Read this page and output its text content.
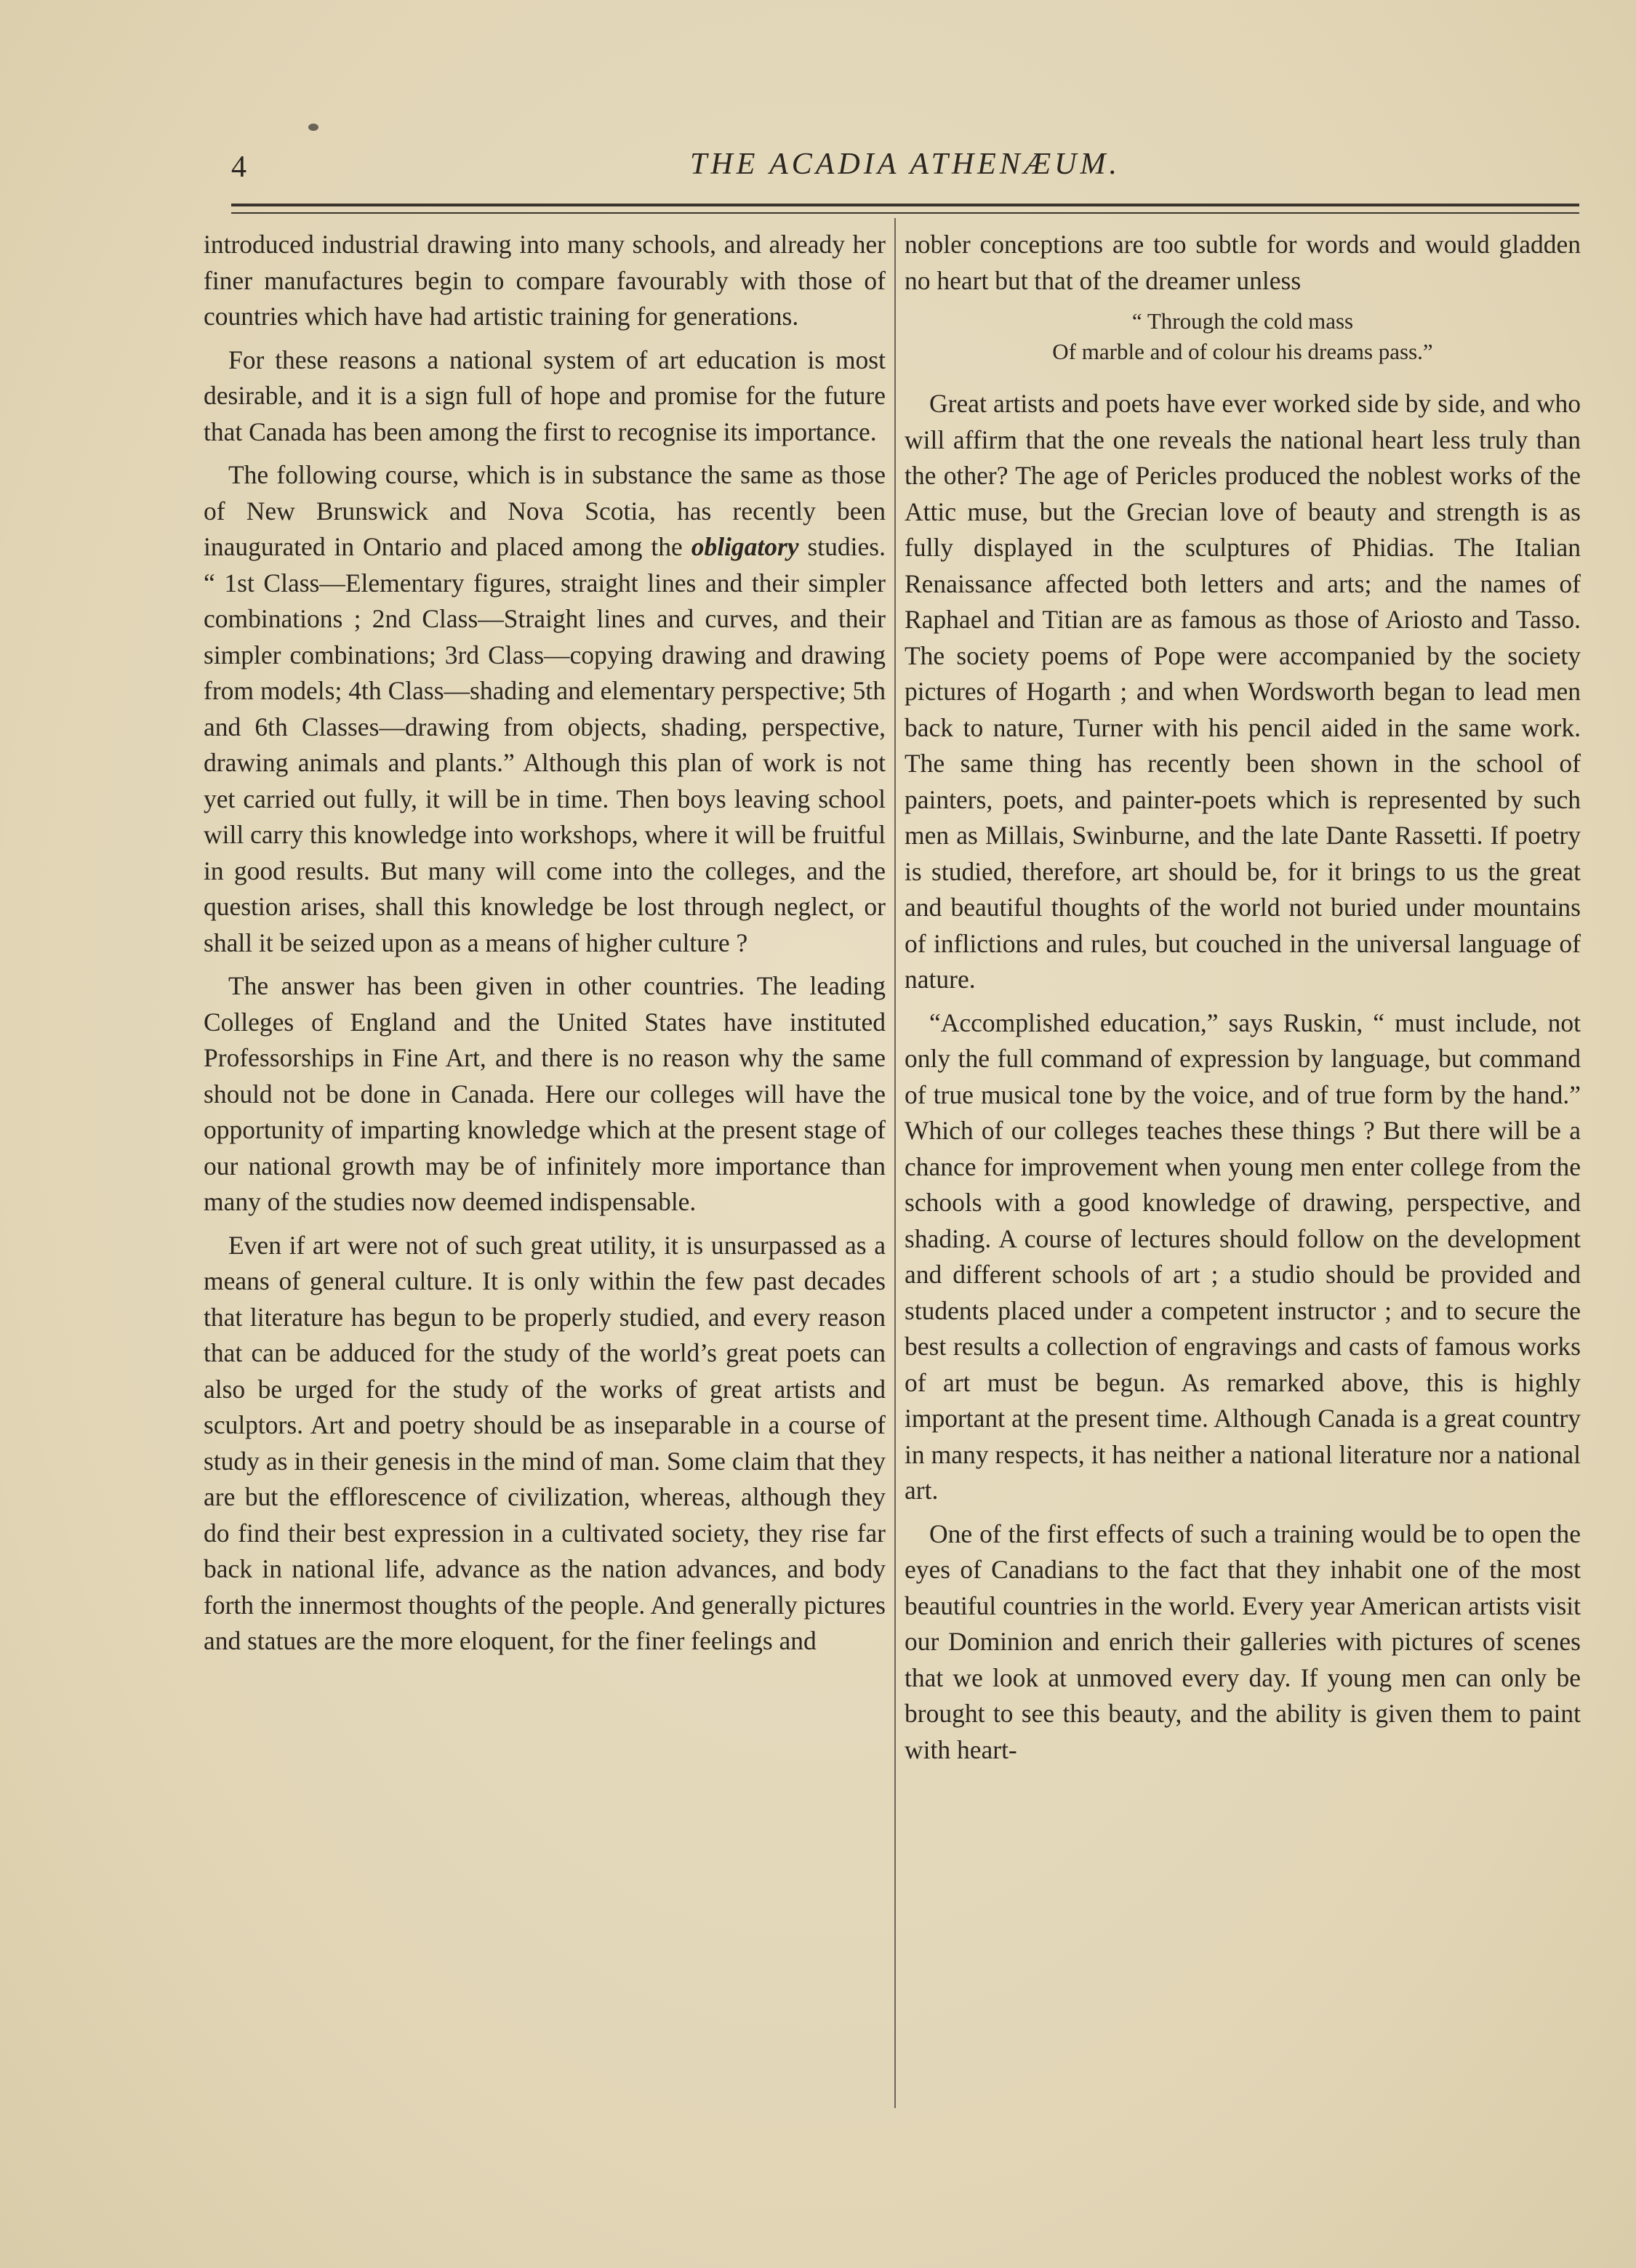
4	THE ACADIA ATHENÆUM.

introduced industrial drawing into many schools, and already her finer manufactures begin to compare favourably with those of countries which have had artistic training for generations.

For these reasons a national system of art education is most desirable, and it is a sign full of hope and promise for the future that Canada has been among the first to recognise its importance.

The following course, which is in substance the same as those of New Brunswick and Nova Scotia, has recently been inaugurated in Ontario and placed among the obligatory studies. “ 1st Class—Elementary figures, straight lines and their simpler combinations ; 2nd Class—Straight lines and curves, and their simpler combinations; 3rd Class—copying drawing and drawing from models; 4th Class—shading and elementary perspective; 5th and 6th Classes—drawing from objects, shading, perspective, drawing animals and plants.” Although this plan of work is not yet carried out fully, it will be in time. Then boys leaving school will carry this knowledge into workshops, where it will be fruitful in good results. But many will come into the colleges, and the question arises, shall this knowledge be lost through neglect, or shall it be seized upon as a means of higher culture ?

The answer has been given in other countries. The leading Colleges of England and the United States have instituted Professorships in Fine Art, and there is no reason why the same should not be done in Canada. Here our colleges will have the opportunity of imparting knowledge which at the present stage of our national growth may be of infinitely more importance than many of the studies now deemed indispensable.

Even if art were not of such great utility, it is unsurpassed as a means of general culture. It is only within the few past decades that literature has begun to be properly studied, and every reason that can be adduced for the study of the world’s great poets can also be urged for the study of the works of great artists and sculptors. Art and poetry should be as inseparable in a course of study as in their genesis in the mind of man. Some claim that they are but the efflorescence of civilization, whereas, although they do find their best expression in a cultivated society, they rise far back in national life, advance as the nation advances, and body forth the innermost thoughts of the people. And generally pictures and statues are the more eloquent, for the finer feelings and

nobler conceptions are too subtle for words and would gladden no heart but that of the dreamer unless

“ Through the cold mass
Of marble and of colour his dreams pass.”

Great artists and poets have ever worked side by side, and who will affirm that the one reveals the national heart less truly than the other? The age of Pericles produced the noblest works of the Attic muse, but the Grecian love of beauty and strength is as fully displayed in the sculptures of Phidias. The Italian Renaissance affected both letters and arts; and the names of Raphael and Titian are as famous as those of Ariosto and Tasso. The society poems of Pope were accompanied by the society pictures of Hogarth ; and when Wordsworth began to lead men back to nature, Turner with his pencil aided in the same work. The same thing has recently been shown in the school of painters, poets, and painter-poets which is represented by such men as Millais, Swinburne, and the late Dante Rassetti. If poetry is studied, therefore, art should be, for it brings to us the great and beautiful thoughts of the world not buried under mountains of inflictions and rules, but couched in the universal language of nature.

“Accomplished education,” says Ruskin, “ must include, not only the full command of expression by language, but command of true musical tone by the voice, and of true form by the hand.” Which of our colleges teaches these things ? But there will be a chance for improvement when young men enter college from the schools with a good knowledge of drawing, perspective, and shading. A course of lectures should follow on the development and different schools of art ; a studio should be provided and students placed under a competent instructor ; and to secure the best results a collection of engravings and casts of famous works of art must be begun. As remarked above, this is highly important at the present time. Although Canada is a great country in many respects, it has neither a national literature nor a national art.

One of the first effects of such a training would be to open the eyes of Canadians to the fact that they inhabit one of the most beautiful countries in the world. Every year American artists visit our Dominion and enrich their galleries with pictures of scenes that we look at unmoved every day. If young men can only be brought to see this beauty, and the ability is given them to paint with heart-
